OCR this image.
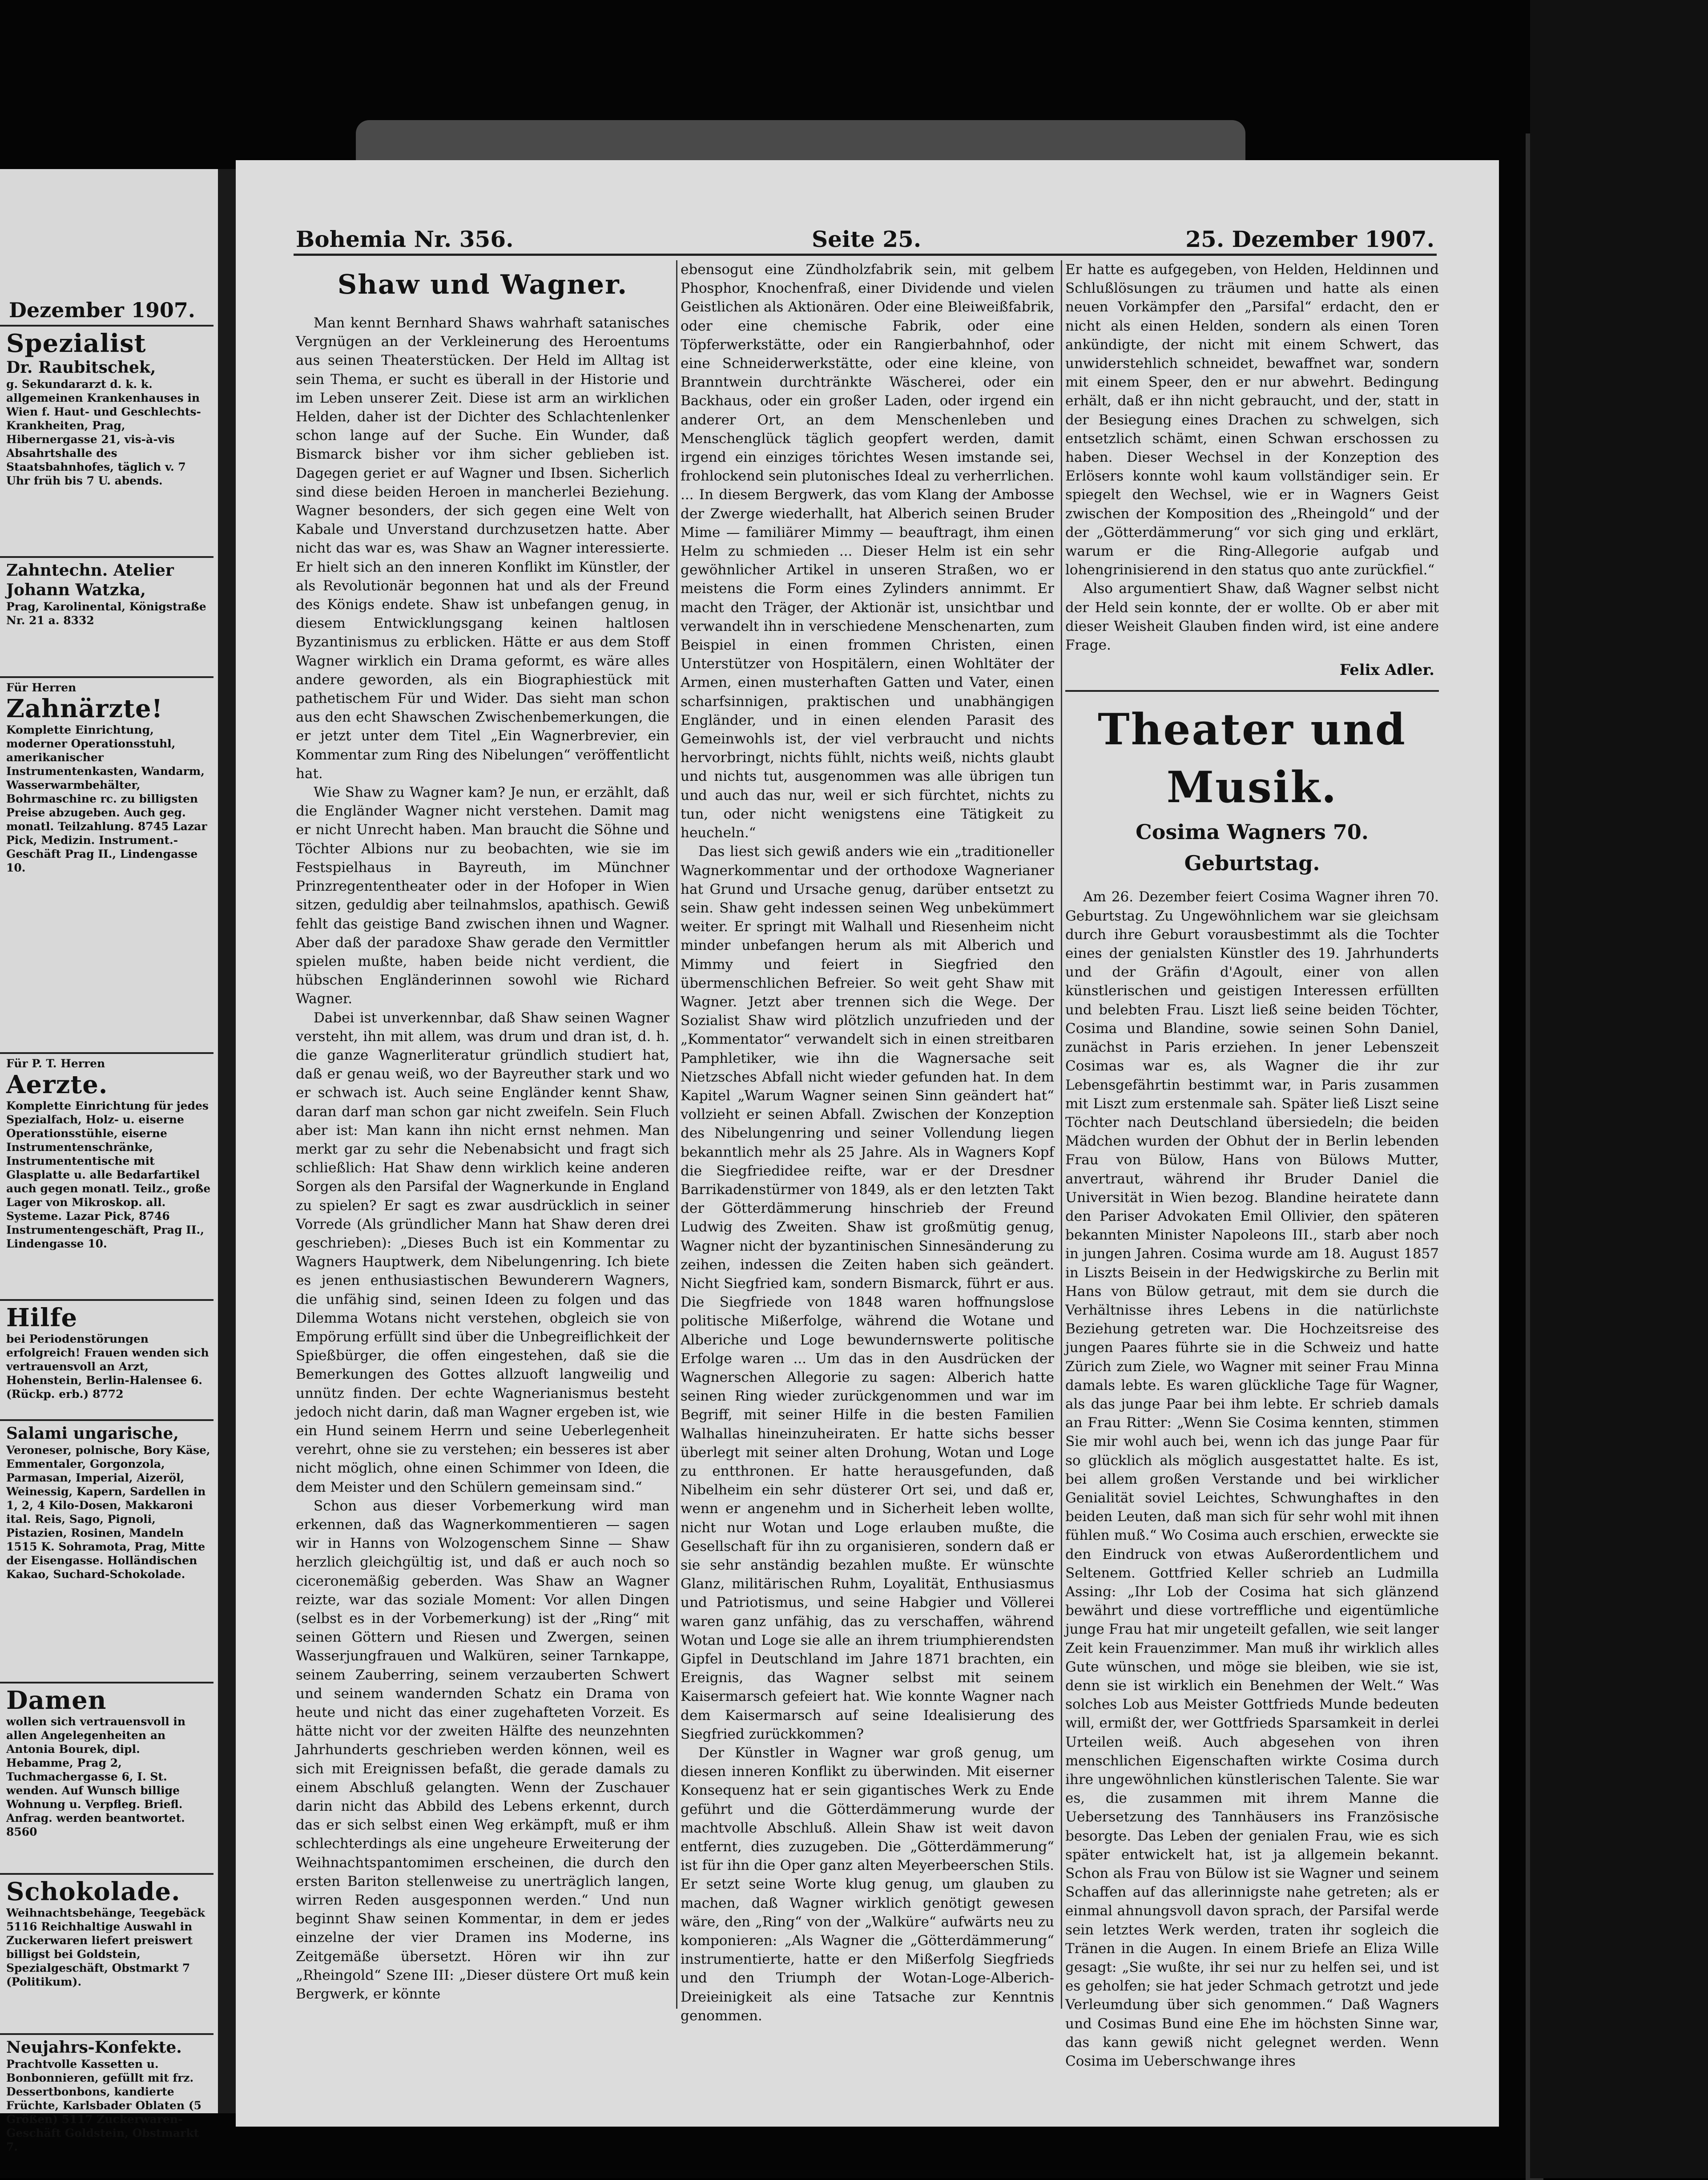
Dezember 1907.
Spezialist
Dr. Raubitschek,
g. Sekundararzt d. k. k. allgemeinen Krankenhauses in Wien f. Haut- und Geschlechts-Krankheiten, Prag, Hibernergasse 21, vis-à-vis Absahrtshalle des Staatsbahnhofes, täglich v. 7 Uhr früh bis 7 U. abends.
Zahntechn. Atelier
Johann Watzka,
Prag, Karolinental, Königstraße Nr. 21 a. 8332
Für Herren
Zahnärzte!
Komplette Einrichtung, moderner Operationsstuhl, amerikanischer Instrumentenkasten, Wandarm, Wasserwarmbehälter, Bohrmaschine rc. zu billigsten Preise abzugeben. Auch geg. monatl. Teilzahlung. 8745 Lazar Pick, Medizin. Instrument.-Geschäft Prag II., Lindengasse 10.
Für P. T. Herren
Aerzte.
Komplette Einrichtung für jedes Spezialfach, Holz- u. eiserne Operationsstühle, eiserne Instrumentenschränke, Instrumententische mit Glasplatte u. alle Bedarfartikel auch gegen monatl. Teilz., große Lager von Mikroskop. all. Systeme. Lazar Pick, 8746 Instrumentengeschäft, Prag II., Lindengasse 10.
Hilfe
bei Periodenstörungen erfolgreich! Frauen wenden sich vertrauensvoll an Arzt, Hohenstein, Berlin-Halensee 6. (Rückp. erb.) 8772
Salami ungarische,
Veroneser, polnische, Bory Käse, Emmentaler, Gorgonzola, Parmasan, Imperial, Aizeröl, Weinessig, Kapern, Sardellen in 1, 2, 4 Kilo-Dosen, Makkaroni ital. Reis, Sago, Pignoli, Pistazien, Rosinen, Mandeln 1515 K. Sohramota, Prag, Mitte der Eisengasse. Holländischen Kakao, Suchard-Schokolade.
Damen
wollen sich vertrauensvoll in allen Angelegenheiten an Antonia Bourek, dipl. Hebamme, Prag 2, Tuchmachergasse 6, I. St. wenden. Auf Wunsch billige Wohnung u. Verpfleg. Briefl. Anfrag. werden beantwortet. 8560
Schokolade.
Weihnachtsbehänge, Teegebäck 5116 Reichhaltige Auswahl in Zuckerwaren liefert preiswert billigst bei Goldstein, Spezialgeschäft, Obstmarkt 7 (Politikum).
Neujahrs-Konfekte.
Prachtvolle Kassetten u. Bonbonnieren, gefüllt mit frz. Dessertbonbons, kandierte Früchte, Karlsbader Oblaten (5 Größen) 5117 Zuckerwaren-Geschäft Goldstein, Obstmarkt 7.
Bohemia Nr. 356.	Seite 25.	25. Dezember 1907.
Shaw und Wagner.

Man kennt Bernhard Shaws wahrhaft satanisches Vergnügen an der Verkleinerung des Heroentums aus seinen Theaterstücken. Der Held im Alltag ist sein Thema, er sucht es überall in der Historie und im Leben unserer Zeit. Diese ist arm an wirklichen Helden, daher ist der Dichter des Schlachtenlenker schon lange auf der Suche. Ein Wunder, daß Bismarck bisher vor ihm sicher geblieben ist. Dagegen geriet er auf Wagner und Ibsen. Sicherlich sind diese beiden Heroen in mancherlei Beziehung. Wagner besonders, der sich gegen eine Welt von Kabale und Unverstand durchzusetzen hatte. Aber nicht das war es, was Shaw an Wagner interessierte. Er hielt sich an den inneren Konflikt im Künstler, der als Revolutionär begonnen hat und als der Freund des Königs endete. Shaw ist unbefangen genug, in diesem Entwicklungsgang keinen haltlosen Byzantinismus zu erblicken. Hätte er aus dem Stoff Wagner wirklich ein Drama geformt, es wäre alles andere geworden, als ein Biographiestück mit pathetischem Für und Wider. Das sieht man schon aus den echt Shawschen Zwischenbemerkungen, die er jetzt unter dem Titel „Ein Wagnerbrevier, ein Kommentar zum Ring des Nibelungen“ veröffentlicht hat.

Wie Shaw zu Wagner kam? Je nun, er erzählt, daß die Engländer Wagner nicht verstehen. Damit mag er nicht Unrecht haben. Man braucht die Söhne und Töchter Albions nur zu beobachten, wie sie im Festspielhaus in Bayreuth, im Münchner Prinzregententheater oder in der Hofoper in Wien sitzen, geduldig aber teilnahmslos, apathisch. Gewiß fehlt das geistige Band zwischen ihnen und Wagner. Aber daß der paradoxe Shaw gerade den Vermittler spielen mußte, haben beide nicht verdient, die hübschen Engländerinnen sowohl wie Richard Wagner.

Dabei ist unverkennbar, daß Shaw seinen Wagner versteht, ihn mit allem, was drum und dran ist, d. h. die ganze Wagnerliteratur gründlich studiert hat, daß er genau weiß, wo der Bayreuther stark und wo er schwach ist. Auch seine Engländer kennt Shaw, daran darf man schon gar nicht zweifeln. Sein Fluch aber ist: Man kann ihn nicht ernst nehmen. Man merkt gar zu sehr die Nebenabsicht und fragt sich schließlich: Hat Shaw denn wirklich keine anderen Sorgen als den Parsifal der Wagnerkunde in England zu spielen? Er sagt es zwar ausdrücklich in seiner Vorrede (Als gründlicher Mann hat Shaw deren drei geschrieben): „Dieses Buch ist ein Kommentar zu Wagners Hauptwerk, dem Nibelungenring. Ich biete es jenen enthusiastischen Bewunderern Wagners, die unfähig sind, seinen Ideen zu folgen und das Dilemma Wotans nicht verstehen, obgleich sie von Empörung erfüllt sind über die Unbegreiflichkeit der Spießbürger, die offen eingestehen, daß sie die Bemerkungen des Gottes allzuoft langweilig und unnütz finden. Der echte Wagnerianismus besteht jedoch nicht darin, daß man Wagner ergeben ist, wie ein Hund seinem Herrn und seine Ueberlegenheit verehrt, ohne sie zu verstehen; ein besseres ist aber nicht möglich, ohne einen Schimmer von Ideen, die dem Meister und den Schülern gemeinsam sind.“

Schon aus dieser Vorbemerkung wird man erkennen, daß das Wagnerkommentieren — sagen wir in Hanns von Wolzogenschem Sinne — Shaw herzlich gleichgültig ist, und daß er auch noch so ciceronemäßig geberden. Was Shaw an Wagner reizte, war das soziale Moment: Vor allen Dingen (selbst es in der Vorbemerkung) ist der „Ring“ mit seinen Göttern und Riesen und Zwergen, seinen Wasserjungfrauen und Walküren, seiner Tarnkappe, seinem Zauberring, seinem verzauberten Schwert und seinem wandernden Schatz ein Drama von heute und nicht das einer zugehafteten Vorzeit. Es hätte nicht vor der zweiten Hälfte des neunzehnten Jahrhunderts geschrieben werden können, weil es sich mit Ereignissen befaßt, die gerade damals zu einem Abschluß gelangten. Wenn der Zuschauer darin nicht das Abbild des Lebens erkennt, durch das er sich selbst einen Weg erkämpft, muß er ihm schlechterdings als eine ungeheure Erweiterung der Weihnachtspantomimen erscheinen, die durch den ersten Bariton stellenweise zu unerträglich langen, wirren Reden ausgesponnen werden.“ Und nun beginnt Shaw seinen Kommentar, in dem er jedes einzelne der vier Dramen ins Moderne, ins Zeitgemäße übersetzt. Hören wir ihn zur „Rheingold“ Szene III: „Dieser düstere Ort muß kein Bergwerk, er könnte

ebensogut eine Zündholzfabrik sein, mit gelbem Phosphor, Knochenfraß, einer Dividende und vielen Geistlichen als Aktionären. Oder eine Bleiweißfabrik, oder eine chemische Fabrik, oder eine Töpferwerkstätte, oder ein Rangierbahnhof, oder eine Schneiderwerkstätte, oder eine kleine, von Branntwein durchtränkte Wäscherei, oder ein Backhaus, oder ein großer Laden, oder irgend ein anderer Ort, an dem Menschenleben und Menschenglück täglich geopfert werden, damit irgend ein einziges törichtes Wesen imstande sei, frohlockend sein plutonisches Ideal zu verherrlichen. ... In diesem Bergwerk, das vom Klang der Ambosse der Zwerge wiederhallt, hat Alberich seinen Bruder Mime — familiärer Mimmy — beauftragt, ihm einen Helm zu schmieden ... Dieser Helm ist ein sehr gewöhnlicher Artikel in unseren Straßen, wo er meistens die Form eines Zylinders annimmt. Er macht den Träger, der Aktionär ist, unsichtbar und verwandelt ihn in verschiedene Menschenarten, zum Beispiel in einen frommen Christen, einen Unterstützer von Hospitälern, einen Wohltäter der Armen, einen musterhaften Gatten und Vater, einen scharfsinnigen, praktischen und unabhängigen Engländer, und in einen elenden Parasit des Gemeinwohls ist, der viel verbraucht und nichts hervorbringt, nichts fühlt, nichts weiß, nichts glaubt und nichts tut, ausgenommen was alle übrigen tun und auch das nur, weil er sich fürchtet, nichts zu tun, oder nicht wenigstens eine Tätigkeit zu heucheln.“

Das liest sich gewiß anders wie ein „traditioneller Wagnerkommentar und der orthodoxe Wagnerianer hat Grund und Ursache genug, darüber entsetzt zu sein. Shaw geht indessen seinen Weg unbekümmert weiter. Er springt mit Walhall und Riesenheim nicht minder unbefangen herum als mit Alberich und Mimmy und feiert in Siegfried den übermenschlichen Befreier. So weit geht Shaw mit Wagner. Jetzt aber trennen sich die Wege. Der Sozialist Shaw wird plötzlich unzufrieden und der „Kommentator“ verwandelt sich in einen streitbaren Pamphletiker, wie ihn die Wagnersache seit Nietzsches Abfall nicht wieder gefunden hat. In dem Kapitel „Warum Wagner seinen Sinn geändert hat“ vollzieht er seinen Abfall. Zwischen der Konzeption des Nibelungenring und seiner Vollendung liegen bekanntlich mehr als 25 Jahre. Als in Wagners Kopf die Siegfriedidee reifte, war er der Dresdner Barrikadenstürmer von 1849, als er den letzten Takt der Götterdämmerung hinschrieb der Freund Ludwig des Zweiten. Shaw ist großmütig genug, Wagner nicht der byzantinischen Sinnesänderung zu zeihen, indessen die Zeiten haben sich geändert. Nicht Siegfried kam, sondern Bismarck, führt er aus. Die Siegfriede von 1848 waren hoffnungslose politische Mißerfolge, während die Wotane und Alberiche und Loge bewundernswerte politische Erfolge waren ... Um das in den Ausdrücken der Wagnerschen Allegorie zu sagen: Alberich hatte seinen Ring wieder zurückgenommen und war im Begriff, mit seiner Hilfe in die besten Familien Walhallas hineinzuheiraten. Er hatte sichs besser überlegt mit seiner alten Drohung, Wotan und Loge zu entthronen. Er hatte herausgefunden, daß Nibelheim ein sehr düsterer Ort sei, und daß er, wenn er angenehm und in Sicherheit leben wollte, nicht nur Wotan und Loge erlauben mußte, die Gesellschaft für ihn zu organisieren, sondern daß er sie sehr anständig bezahlen mußte. Er wünschte Glanz, militärischen Ruhm, Loyalität, Enthusiasmus und Patriotismus, und seine Habgier und Völlerei waren ganz unfähig, das zu verschaffen, während Wotan und Loge sie alle an ihrem triumphierendsten Gipfel in Deutschland im Jahre 1871 brachten, ein Ereignis, das Wagner selbst mit seinem Kaisermarsch gefeiert hat. Wie konnte Wagner nach dem Kaisermarsch auf seine Idealisierung des Siegfried zurückkommen?

Der Künstler in Wagner war groß genug, um diesen inneren Konflikt zu überwinden. Mit eiserner Konsequenz hat er sein gigantisches Werk zu Ende geführt und die Götterdämmerung wurde der machtvolle Abschluß. Allein Shaw ist weit davon entfernt, dies zuzugeben. Die „Götterdämmerung“ ist für ihn die Oper ganz alten Meyerbeerschen Stils. Er setzt seine Worte klug genug, um glauben zu machen, daß Wagner wirklich genötigt gewesen wäre, den „Ring“ von der „Walküre“ aufwärts neu zu komponieren: „Als Wagner die „Götterdämmerung“ instrumentierte, hatte er den Mißerfolg Siegfrieds und den Triumph der Wotan-Loge-Alberich-Dreieinigkeit als eine Tatsache zur Kenntnis genommen.

Er hatte es aufgegeben, von Helden, Heldinnen und Schlußlösungen zu träumen und hatte als einen neuen Vorkämpfer den „Parsifal“ erdacht, den er nicht als einen Helden, sondern als einen Toren ankündigte, der nicht mit einem Schwert, das unwiderstehlich schneidet, bewaffnet war, sondern mit einem Speer, den er nur abwehrt. Bedingung erhält, daß er ihn nicht gebraucht, und der, statt in der Besiegung eines Drachen zu schwelgen, sich entsetzlich schämt, einen Schwan erschossen zu haben. Dieser Wechsel in der Konzeption des Erlösers konnte wohl kaum vollständiger sein. Er spiegelt den Wechsel, wie er in Wagners Geist zwischen der Komposition des „Rheingold“ und der der „Götterdämmerung“ vor sich ging und erklärt, warum er die Ring-Allegorie aufgab und lohengrinisierend in den status quo ante zurückfiel.“

Also argumentiert Shaw, daß Wagner selbst nicht der Held sein konnte, der er wollte. Ob er aber mit dieser Weisheit Glauben finden wird, ist eine andere Frage.

Felix Adler.
Theater und Musik.
Cosima Wagners 70. Geburtstag.

Am 26. Dezember feiert Cosima Wagner ihren 70. Geburtstag. Zu Ungewöhnlichem war sie gleichsam durch ihre Geburt vorausbestimmt als die Tochter eines der genialsten Künstler des 19. Jahrhunderts und der Gräfin d'Agoult, einer von allen künstlerischen und geistigen Interessen erfüllten und belebten Frau. Liszt ließ seine beiden Töchter, Cosima und Blandine, sowie seinen Sohn Daniel, zunächst in Paris erziehen. In jener Lebenszeit Cosimas war es, als Wagner die ihr zur Lebensgefährtin bestimmt war, in Paris zusammen mit Liszt zum erstenmale sah. Später ließ Liszt seine Töchter nach Deutschland übersiedeln; die beiden Mädchen wurden der Obhut der in Berlin lebenden Frau von Bülow, Hans von Bülows Mutter, anvertraut, während ihr Bruder Daniel die Universität in Wien bezog. Blandine heiratete dann den Pariser Advokaten Emil Ollivier, den späteren bekannten Minister Napoleons III., starb aber noch in jungen Jahren. Cosima wurde am 18. August 1857 in Liszts Beisein in der Hedwigskirche zu Berlin mit Hans von Bülow getraut, mit dem sie durch die Verhältnisse ihres Lebens in die natürlichste Beziehung getreten war. Die Hochzeitsreise des jungen Paares führte sie in die Schweiz und hatte Zürich zum Ziele, wo Wagner mit seiner Frau Minna damals lebte. Es waren glückliche Tage für Wagner, als das junge Paar bei ihm lebte. Er schrieb damals an Frau Ritter: „Wenn Sie Cosima kennten, stimmen Sie mir wohl auch bei, wenn ich das junge Paar für so glücklich als möglich ausgestattet halte. Es ist, bei allem großen Verstande und bei wirklicher Genialität soviel Leichtes, Schwunghaftes in den beiden Leuten, daß man sich für sehr wohl mit ihnen fühlen muß.“ Wo Cosima auch erschien, erweckte sie den Eindruck von etwas Außerordentlichem und Seltenem. Gottfried Keller schrieb an Ludmilla Assing: „Ihr Lob der Cosima hat sich glänzend bewährt und diese vortreffliche und eigentümliche junge Frau hat mir ungeteilt gefallen, wie seit langer Zeit kein Frauenzimmer. Man muß ihr wirklich alles Gute wünschen, und möge sie bleiben, wie sie ist, denn sie ist wirklich ein Benehmen der Welt.“ Was solches Lob aus Meister Gottfrieds Munde bedeuten will, ermißt der, wer Gottfrieds Sparsamkeit in derlei Urteilen weiß. Auch abgesehen von ihren menschlichen Eigenschaften wirkte Cosima durch ihre ungewöhnlichen künstlerischen Talente. Sie war es, die zusammen mit ihrem Manne die Uebersetzung des Tannhäusers ins Französische besorgte. Das Leben der genialen Frau, wie es sich später entwickelt hat, ist ja allgemein bekannt. Schon als Frau von Bülow ist sie Wagner und seinem Schaffen auf das allerinnigste nahe getreten; als er einmal ahnungsvoll davon sprach, der Parsifal werde sein letztes Werk werden, traten ihr sogleich die Tränen in die Augen. In einem Briefe an Eliza Wille gesagt: „Sie wußte, ihr sei nur zu helfen sei, und ist es geholfen; sie hat jeder Schmach getrotzt und jede Verleumdung über sich genommen.“ Daß Wagners und Cosimas Bund eine Ehe im höchsten Sinne war, das kann gewiß nicht gelegnet werden. Wenn Cosima im Ueberschwange ihres
